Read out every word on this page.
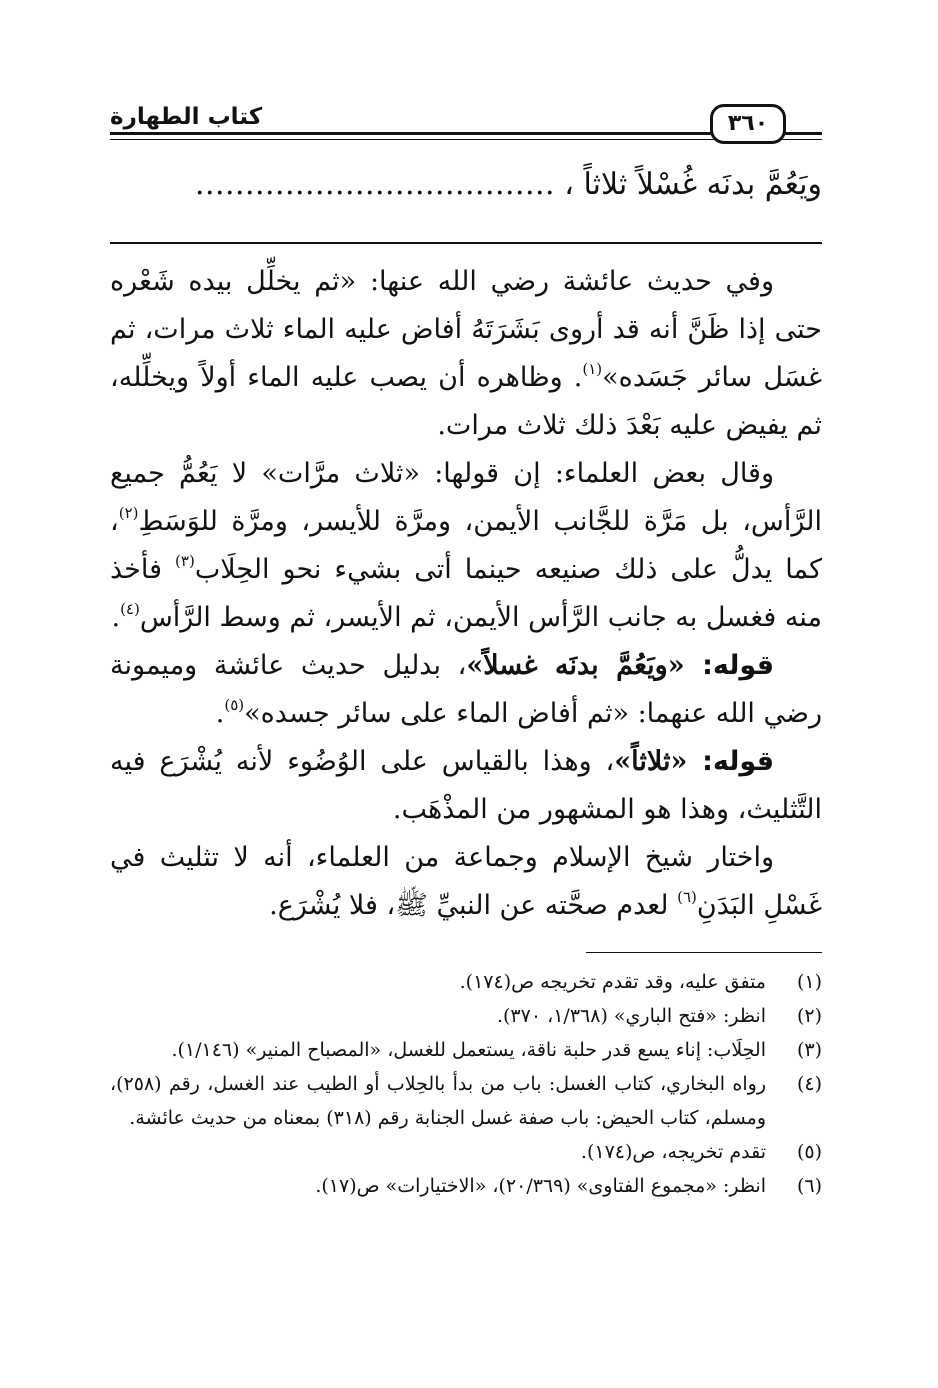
٣٦٠
كتاب الطهارة
ويَعُمَّ بدنَه غُسْلاً ثلاثاً ، ………………………………

وفي حديث عائشة رضي الله عنها: «ثم يخلِّل بيده شَعْره حتى إذا ظَنَّ أنه قد أروى بَشَرَتَهُ أفاض عليه الماء ثلاث مرات، ثم غسَل سائر جَسَده»$^{(١)}$. وظاهره أن يصب عليه الماء أولاً ويخلِّله، ثم يفيض عليه بَعْدَ ذلك ثلاث مرات.

وقال بعض العلماء: إن قولها: «ثلاث مرَّات» لا يَعُمُّ جميع الرَّأس، بل مَرَّة للجَّانب الأيمن، ومرَّة للأيسر، ومرَّة للوَسَطِ$^{(٢)}$، كما يدلُّ على ذلك صنيعه حينما أتى بشيء نحو الحِلَاب$^{(٣)}$ فأخذ منه فغسل به جانب الرَّأس الأيمن، ثم الأيسر، ثم وسط الرَّأس$^{(٤)}$.

قوله: «ويَعُمَّ بدنَه غسلاً»، بدليل حديث عائشة وميمونة رضي الله عنهما: «ثم أفاض الماء على سائر جسده»$^{(٥)}$.

قوله: «ثلاثاً»، وهذا بالقياس على الوُضُوء لأنه يُشْرَع فيه التَّثليث، وهذا هو المشهور من المذْهَب.

واختار شيخ الإسلام وجماعة من العلماء، أنه لا تثليث في غَسْلِ البَدَنِ$^{(٦)}$ لعدم صحَّته عن النبيِّ ﷺ، فلا يُشْرَع.

(١)
متفق عليه، وقد تقدم تخريجه ص(١٧٤).
(٢)
انظر: «فتح الباري» (١/٣٦٨، ٣٧٠).
(٣)
الحِلَاب: إناء يسع قدر حلبة ناقة، يستعمل للغسل، «المصباح المنير» (١/١٤٦).
(٤)
رواه البخاري، كتاب الغسل: باب من بدأ بالحِلاب أو الطيب عند الغسل، رقم (٢٥٨)، ومسلم، كتاب الحيض: باب صفة غسل الجنابة رقم (٣١٨) بمعناه من حديث عائشة.
(٥)
تقدم تخريجه، ص(١٧٤).
(٦)
انظر: «مجموع الفتاوى» (٢٠/٣٦٩)، «الاختيارات» ص(١٧).
